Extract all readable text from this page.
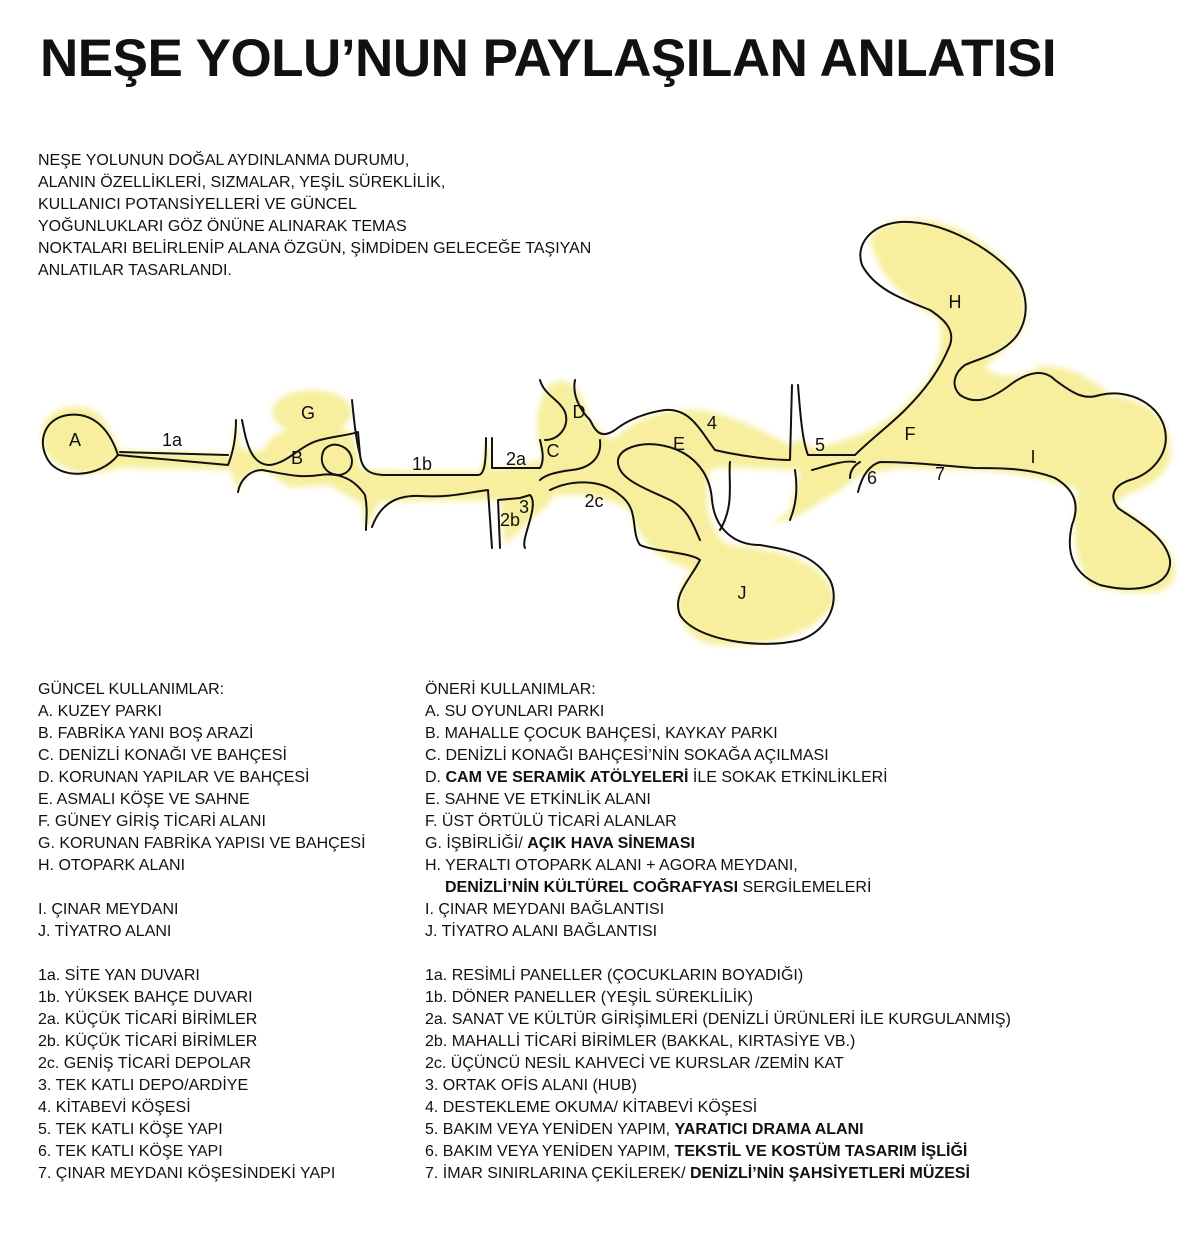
NEŞE YOLU’NUN PAYLAŞILAN ANLATISI
NEŞE YOLUNUN DOĞAL AYDINLANMA DURUMU,
ALANIN ÖZELLİKLERİ, SIZMALAR, YEŞİL SÜREKLİLİK,
KULLANICI POTANSİYELLERİ VE GÜNCEL
YOĞUNLUKLARI GÖZ ÖNÜNE ALINARAK TEMAS
NOKTALARI BELİRLENİP ALANA ÖZGÜN, ŞİMDİDEN GELECEĞE TAŞIYAN
ANLATILAR TASARLANDI.
A	1a
G
B	1b	2a C
D
2b
3	2c
E
4
5
F
H
6	7
I
J
GÜNCEL KULLANIMLAR:
A. KUZEY PARKI
B. FABRİKA YANI BOŞ ARAZİ
C. DENİZLİ KONAĞI VE BAHÇESİ
D. KORUNAN YAPILAR VE BAHÇESİ
E. ASMALI KÖŞE VE SAHNE
F. GÜNEY GİRİŞ TİCARİ ALANI
G. KORUNAN FABRİKA YAPISI VE BAHÇESİ
H. OTOPARK ALANI
I. ÇINAR MEYDANI
J. TİYATRO ALANI
1a. SİTE YAN DUVARI
1b. YÜKSEK BAHÇE DUVARI
2a. KÜÇÜK TİCARİ BİRİMLER
2b. KÜÇÜK TİCARİ BİRİMLER
2c. GENİŞ TİCARİ DEPOLAR
3. TEK KATLI DEPO/ARDİYE
4. KİTABEVİ KÖŞESİ
5. TEK KATLI KÖŞE YAPI
6. TEK KATLI KÖŞE YAPI
7. ÇINAR MEYDANI KÖŞESİNDEKİ YAPI
ÖNERİ KULLANIMLAR:
A. SU OYUNLARI PARKI
B. MAHALLE ÇOCUK BAHÇESİ, KAYKAY PARKI
C. DENİZLİ KONAĞI BAHÇESİ’NİN SOKAĞA AÇILMASI
D. CAM VE SERAMİK ATÖLYELERİ İLE SOKAK ETKİNLİKLERİ
E. SAHNE VE ETKİNLİK ALANI
F. ÜST ÖRTÜLÜ TİCARİ ALANLAR
G. İŞBİRLİĞİ/ AÇIK HAVA SİNEMASI
H. YERALTI OTOPARK ALANI + AGORA MEYDANI,
DENİZLİ’NİN KÜLTÜREL COĞRAFYASI SERGİLEMELERİ
I. ÇINAR MEYDANI BAĞLANTISI
J. TİYATRO ALANI BAĞLANTISI
1a. RESİMLİ PANELLER (ÇOCUKLARIN BOYADIĞI)
1b. DÖNER PANELLER (YEŞİL SÜREKLİLİK)
2a. SANAT VE KÜLTÜR GİRİŞİMLERİ (DENİZLİ ÜRÜNLERİ İLE KURGULANMIŞ)
2b. MAHALLİ TİCARİ BİRİMLER (BAKKAL, KIRTASİYE VB.)
2c. ÜÇÜNCÜ NESİL KAHVECİ VE KURSLAR /ZEMİN KAT
3. ORTAK OFİS ALANI (HUB)
4. DESTEKLEME OKUMA/ KİTABEVİ KÖŞESİ
5. BAKIM VEYA YENİDEN YAPIM, YARATICI DRAMA ALANI
6. BAKIM VEYA YENİDEN YAPIM, TEKSTİL VE KOSTÜM TASARIM İŞLİĞİ
7. İMAR SINIRLARINA ÇEKİLEREK/ DENİZLİ’NİN ŞAHSİYETLERİ MÜZESİ
